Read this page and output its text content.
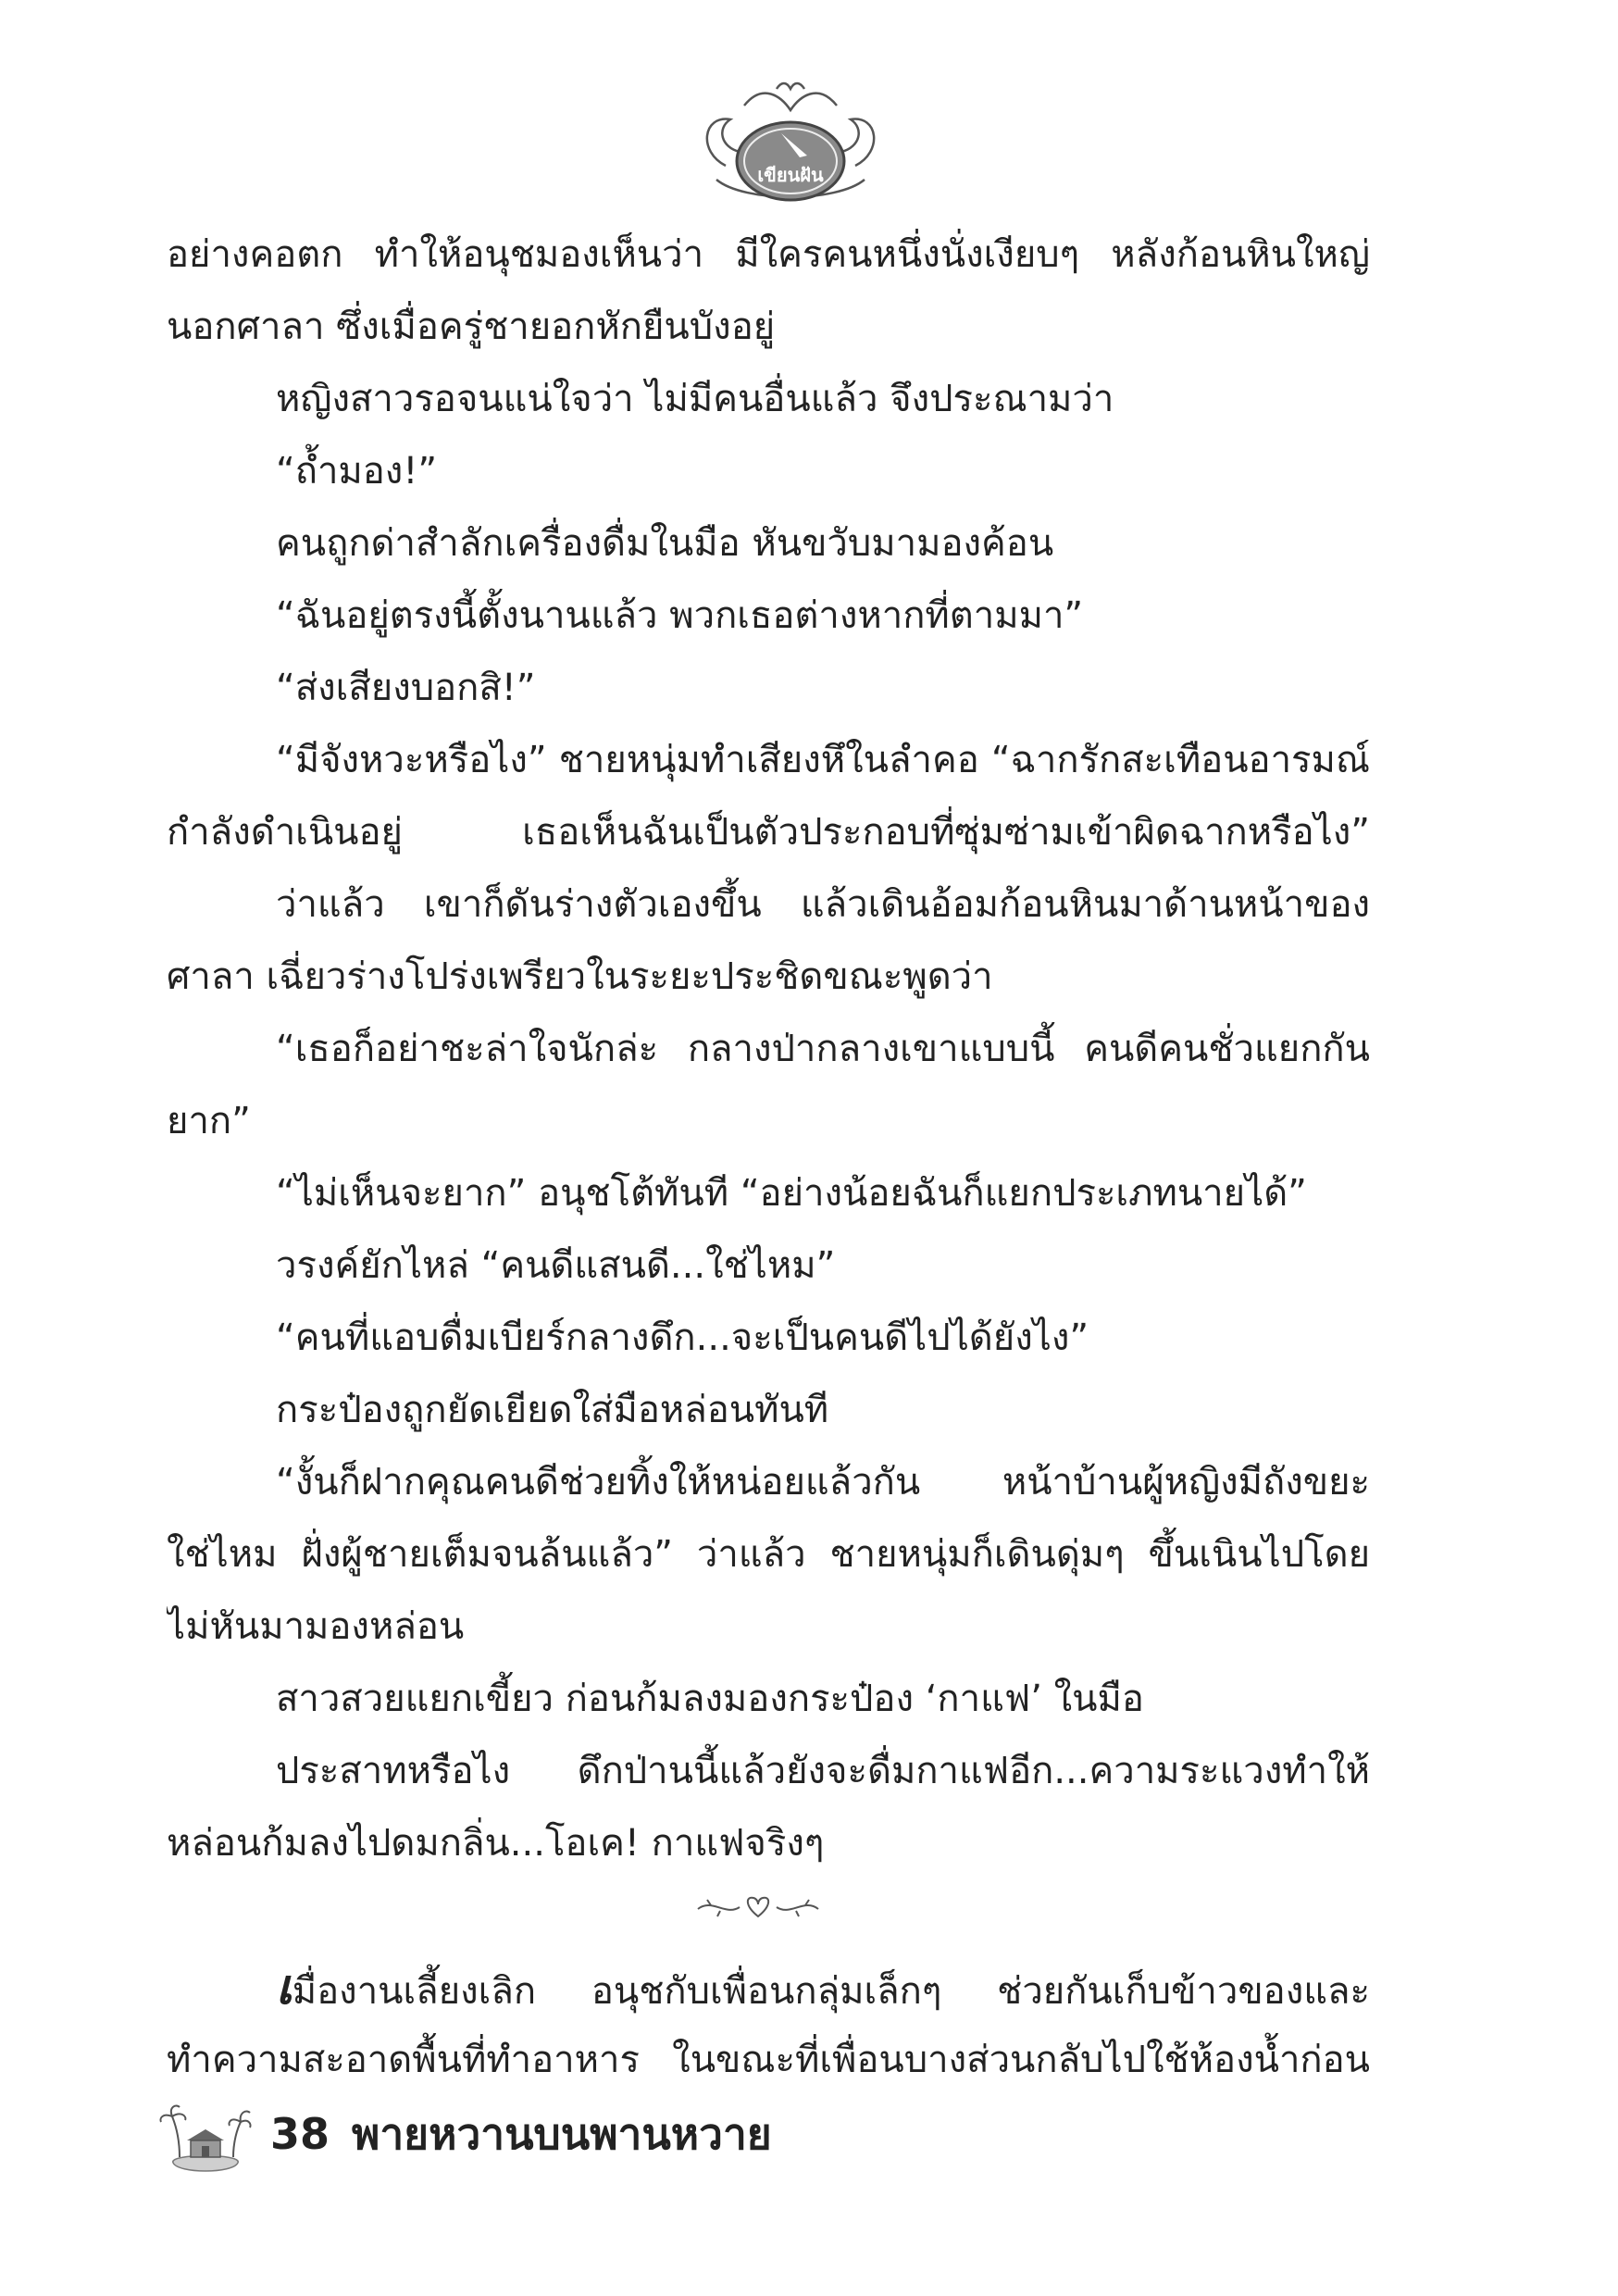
เขียนฝัน
อย่างคอตก ทำให้อนุชมองเห็นว่า มีใครคนหนึ่งนั่งเงียบๆ หลังก้อนหินใหญ่
นอกศาลา ซึ่งเมื่อครู่ชายอกหักยืนบังอยู่
หญิงสาวรอจนแน่ใจว่า ไม่มีคนอื่นแล้ว จึงประณามว่า
“ถ้ำมอง!”
คนถูกด่าสำลักเครื่องดื่มในมือ หันขวับมามองค้อน
“ฉันอยู่ตรงนี้ตั้งนานแล้ว พวกเธอต่างหากที่ตามมา”
“ส่งเสียงบอกสิ!”
“มีจังหวะหรือไง” ชายหนุ่มทำเสียงหึในลำคอ “ฉากรักสะเทือนอารมณ์
กำลังดำเนินอยู่ เธอเห็นฉันเป็นตัวประกอบที่ซุ่มซ่ามเข้าผิดฉากหรือไง”
ว่าแล้ว เขาก็ดันร่างตัวเองขึ้น แล้วเดินอ้อมก้อนหินมาด้านหน้าของ
ศาลา เฉี่ยวร่างโปร่งเพรียวในระยะประชิดขณะพูดว่า
“เธอก็อย่าชะล่าใจนักล่ะ กลางป่ากลางเขาแบบนี้ คนดีคนชั่วแยกกัน
ยาก”
“ไม่เห็นจะยาก” อนุชโต้ทันที “อย่างน้อยฉันก็แยกประเภทนายได้”
วรงค์ยักไหล่ “คนดีแสนดี...ใช่ไหม”
“คนที่แอบดื่มเบียร์กลางดึก...จะเป็นคนดีไปได้ยังไง”
กระป๋องถูกยัดเยียดใส่มือหล่อนทันที
“งั้นก็ฝากคุณคนดีช่วยทิ้งให้หน่อยแล้วกัน หน้าบ้านผู้หญิงมีถังขยะ
ใช่ไหม ฝั่งผู้ชายเต็มจนล้นแล้ว” ว่าแล้ว ชายหนุ่มก็เดินดุ่มๆ ขึ้นเนินไปโดย
ไม่หันมามองหล่อน
สาวสวยแยกเขี้ยว ก่อนก้มลงมองกระป๋อง ‘กาแฟ’ ในมือ
ประสาทหรือไง ดึกป่านนี้แล้วยังจะดื่มกาแฟอีก...ความระแวงทำให้
หล่อนก้มลงไปดมกลิ่น...โอเค! กาแฟจริงๆ
เมื่องานเลี้ยงเลิก อนุชกับเพื่อนกลุ่มเล็กๆ ช่วยกันเก็บข้าวของและ
ทำความสะอาดพื้นที่ทำอาหาร ในขณะที่เพื่อนบางส่วนกลับไปใช้ห้องน้ำก่อน
38 พายหวานบนพานหวาย
